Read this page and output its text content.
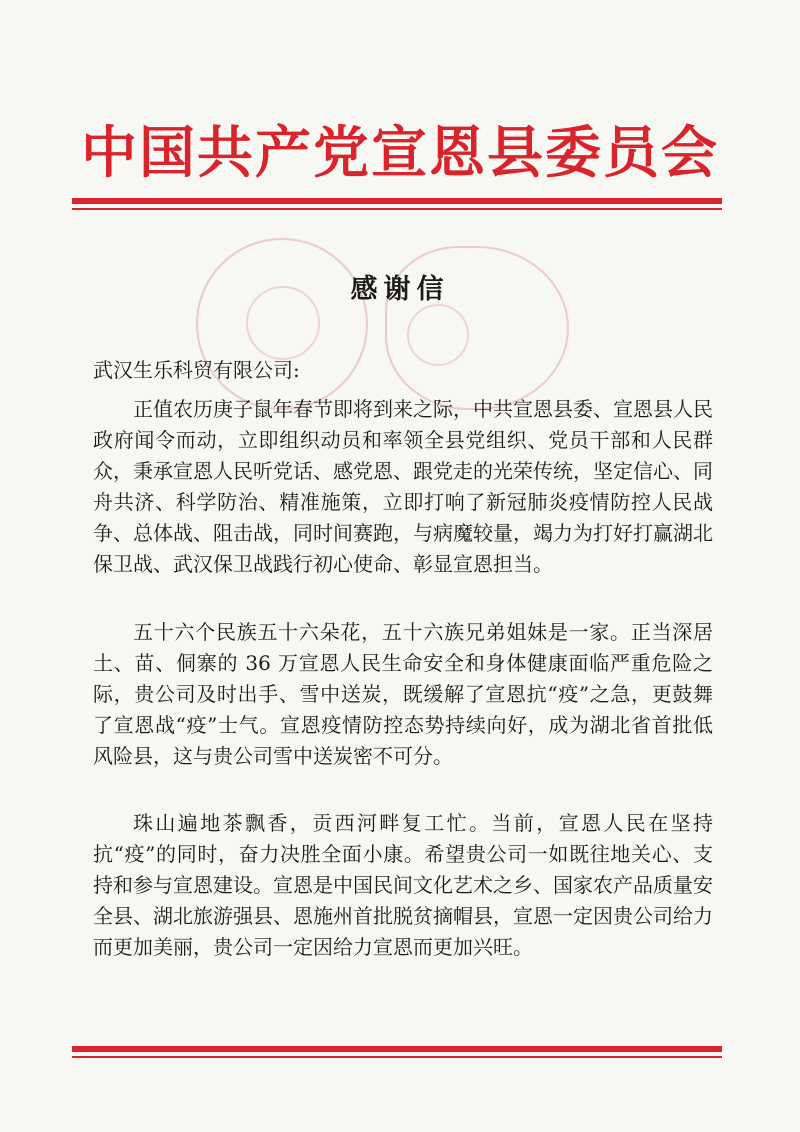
中国共产党宣恩县委员会
感谢信
武汉生乐科贸有限公司:

正值农历庚子鼠年春节即将到来之际，中共宣恩县委、宣恩县人民政府闻令而动，立即组织动员和率领全县党组织、党员干部和人民群众，秉承宣恩人民听党话、感党恩、跟党走的光荣传统，坚定信心、同舟共济、科学防治、精准施策，立即打响了新冠肺炎疫情防控人民战争、总体战、阻击战，同时间赛跑，与病魔较量，竭力为打好打赢湖北保卫战、武汉保卫战践行初心使命、彰显宣恩担当。

五十六个民族五十六朵花，五十六族兄弟姐妹是一家。正当深居土、苗、侗寨的 36 万宣恩人民生命安全和身体健康面临严重危险之际，贵公司及时出手、雪中送炭，既缓解了宣恩抗“疫”之急，更鼓舞了宣恩战“疫”士气。宣恩疫情防控态势持续向好，成为湖北省首批低风险县，这与贵公司雪中送炭密不可分。

珠山遍地茶飘香，贡西河畔复工忙。当前，宣恩人民在坚持抗“疫”的同时，奋力决胜全面小康。希望贵公司一如既往地关心、支持和参与宣恩建设。宣恩是中国民间文化艺术之乡、国家农产品质量安全县、湖北旅游强县、恩施州首批脱贫摘帽县，宣恩一定因贵公司给力而更加美丽，贵公司一定因给力宣恩而更加兴旺。
